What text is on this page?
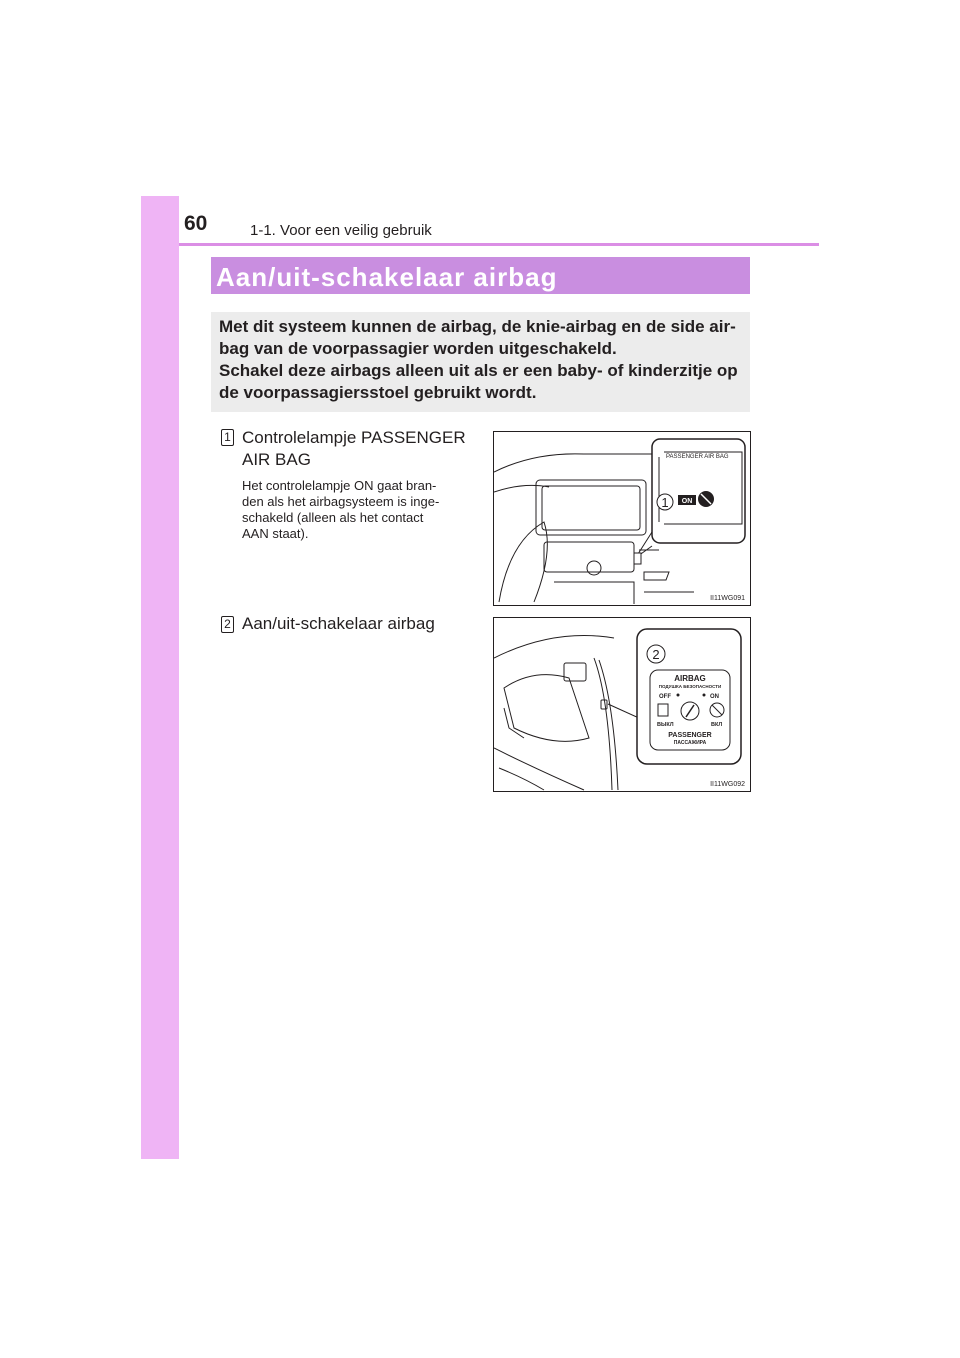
60	1-1. Voor een veilig gebruik
Aan/uit-schakelaar airbag

Met dit systeem kunnen de airbag, de knie-airbag en de side air-
bag van de voorpassagier worden uitgeschakeld.
Schakel deze airbags alleen uit als er een baby- of kinderzitje op
de voorpassagiersstoel gebruikt wordt.

1 Controlelampje PASSENGER
AIR BAG

Het controlelampje ON gaat bran-
den als het airbagsysteem is inge-
schakeld (alleen als het contact
AAN staat).

2 Aan/uit-schakelaar airbag

PASSENGER AIR BAG
1 ON
II11WG091
2
AIRBAG
ПОДУШКА БЕЗОПАСНОСТИ
OFF	ON
ВЫКЛ	ВКЛ
PASSENGER
ПАССАЖИРА
II11WG092
